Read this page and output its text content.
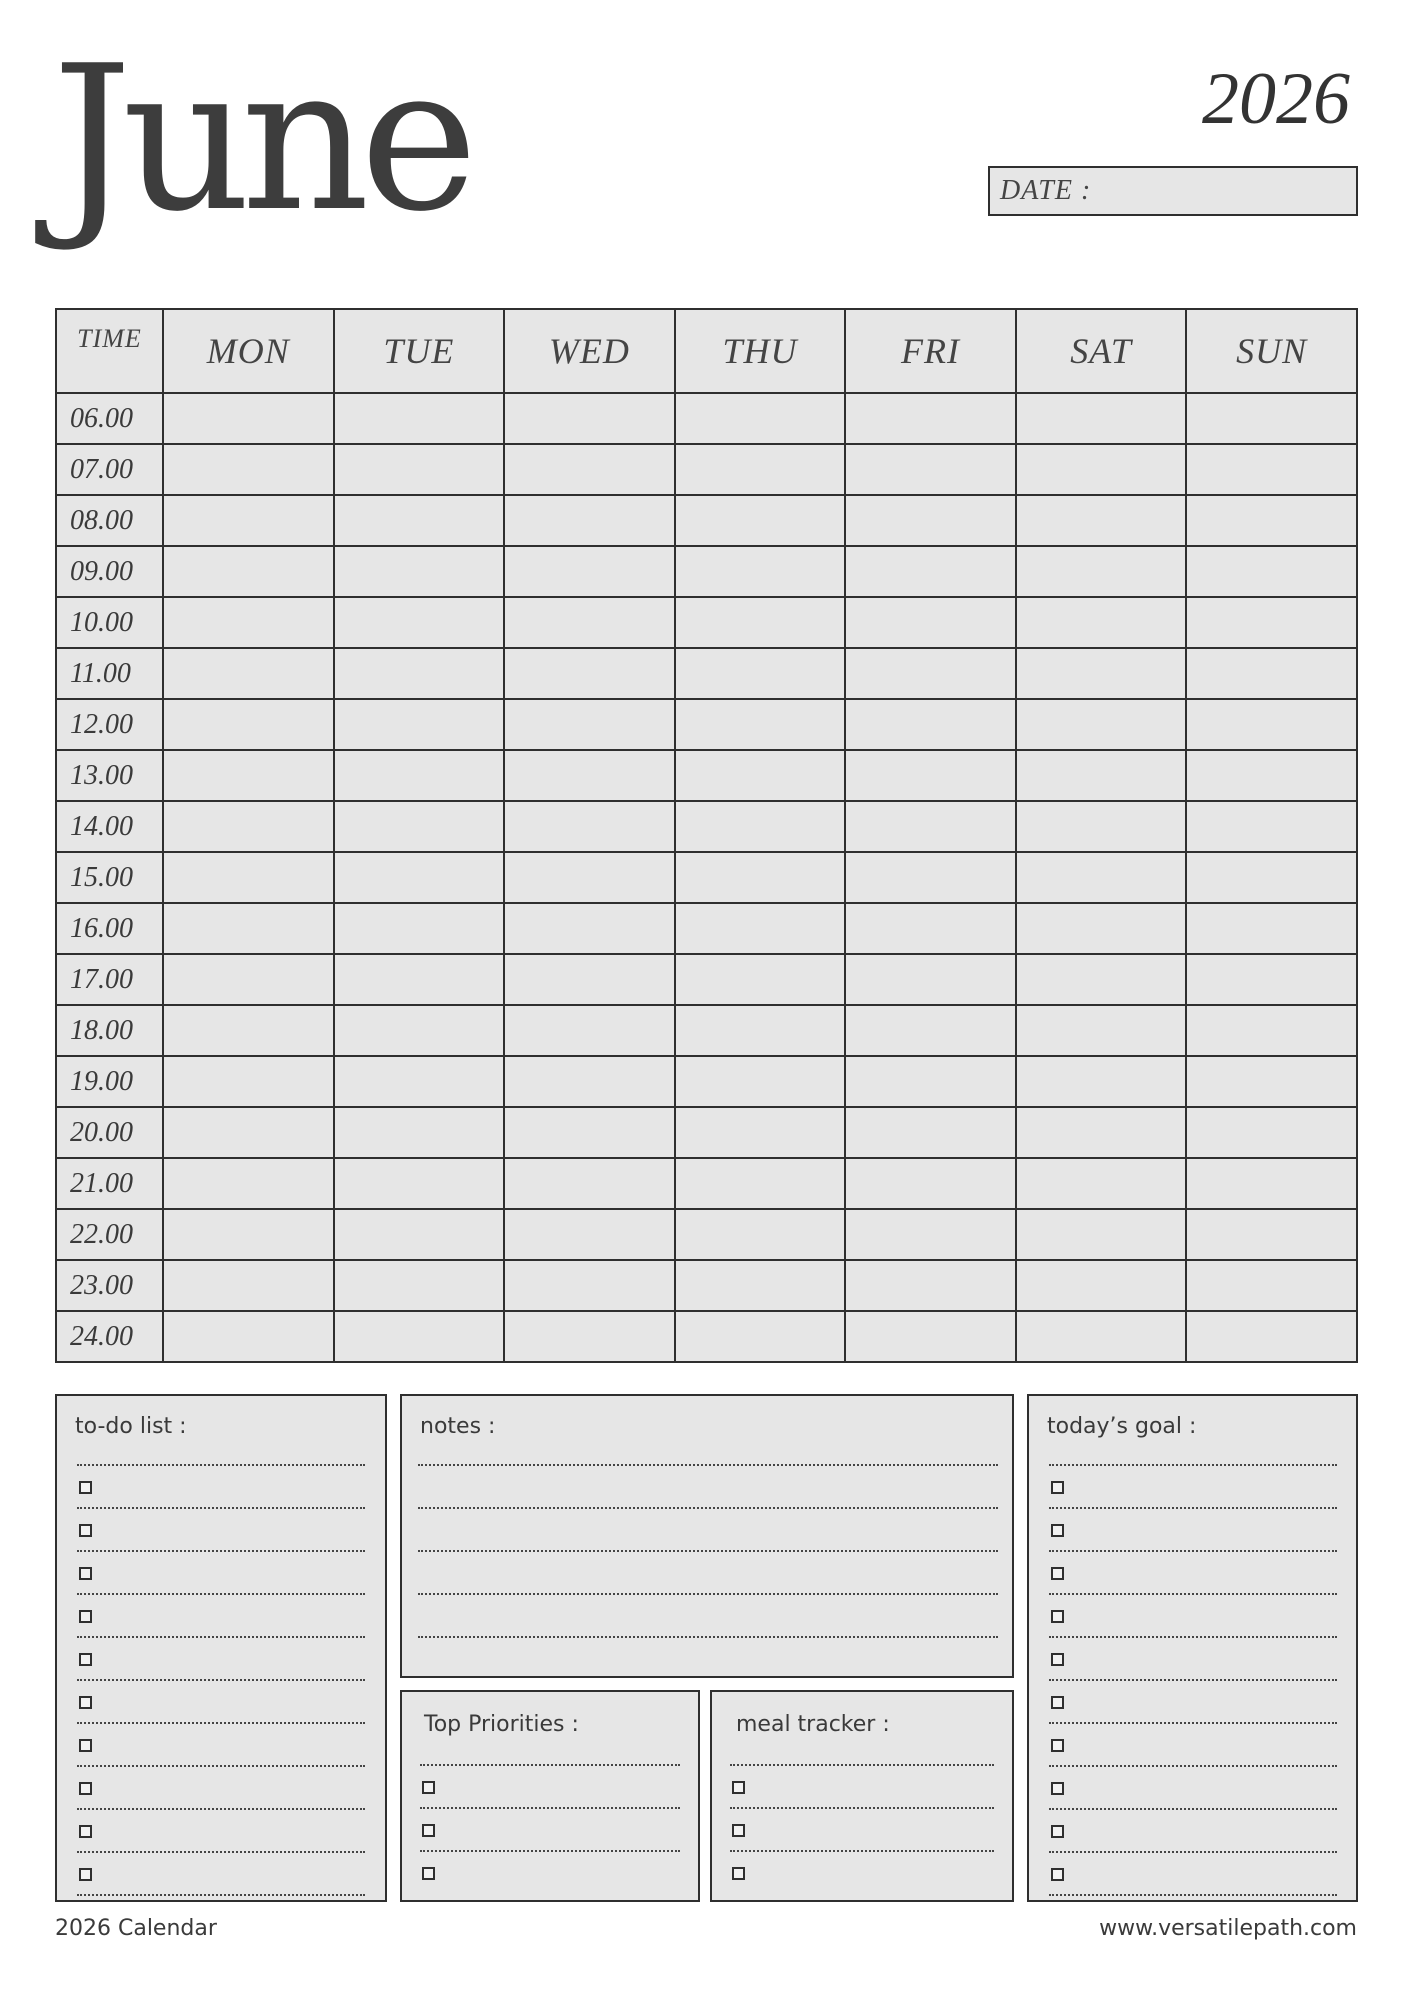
June	2026
DATE :
TIME	MON	TUE	WED	THU	FRI	SAT	SUN
06.00							
07.00							
08.00							
09.00							
10.00							
11.00							
12.00							
13.00							
14.00							
15.00							
16.00							
17.00							
18.00							
19.00							
20.00							
21.00							
22.00							
23.00							
24.00							
to-do list :	notes :	today’s goal :
Top Priorities :	meal tracker :
2026 Calendar	www.versatilepath.com
